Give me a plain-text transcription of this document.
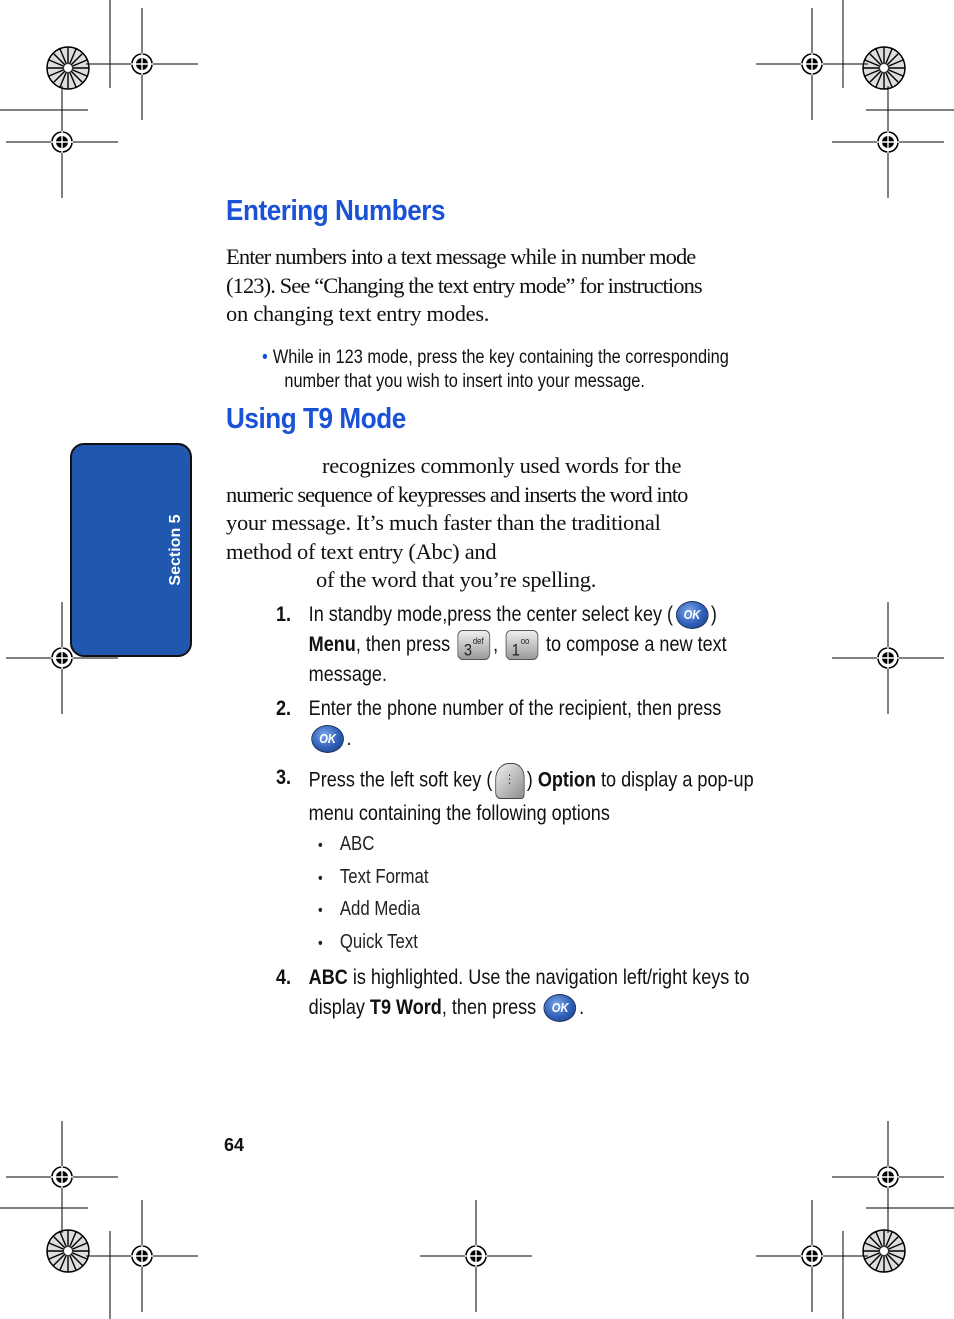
Section 5
Entering Numbers

Enter numbers into a text message while in number mode

(123). See “Changing the text entry mode” for instructions

on changing text entry modes.

• While in 123 mode, press the key containing the corresponding
number that you wish to insert into your message.
Using T9 Mode

recognizes commonly used words for the

numeric sequence of keypresses and inserts the word into

your message. It’s much faster than the traditional

method of text entry (Abc) and

of the word that you’re spelling.

1. In standby mode,press the center select key ( OK )
Menu, then press $3^{def}$ , $1^{oo}$ to compose a new text
message.
2. Enter the phone number of the recipient, then press
OK .
3. Press the left soft key ( ⋮ ) Option to display a pop-up
menu containing the following options
• ABC
• Text Format
• Add Media
• Quick Text
4. ABC is highlighted. Use the navigation left/right keys to
display T9 Word, then press OK .
64
